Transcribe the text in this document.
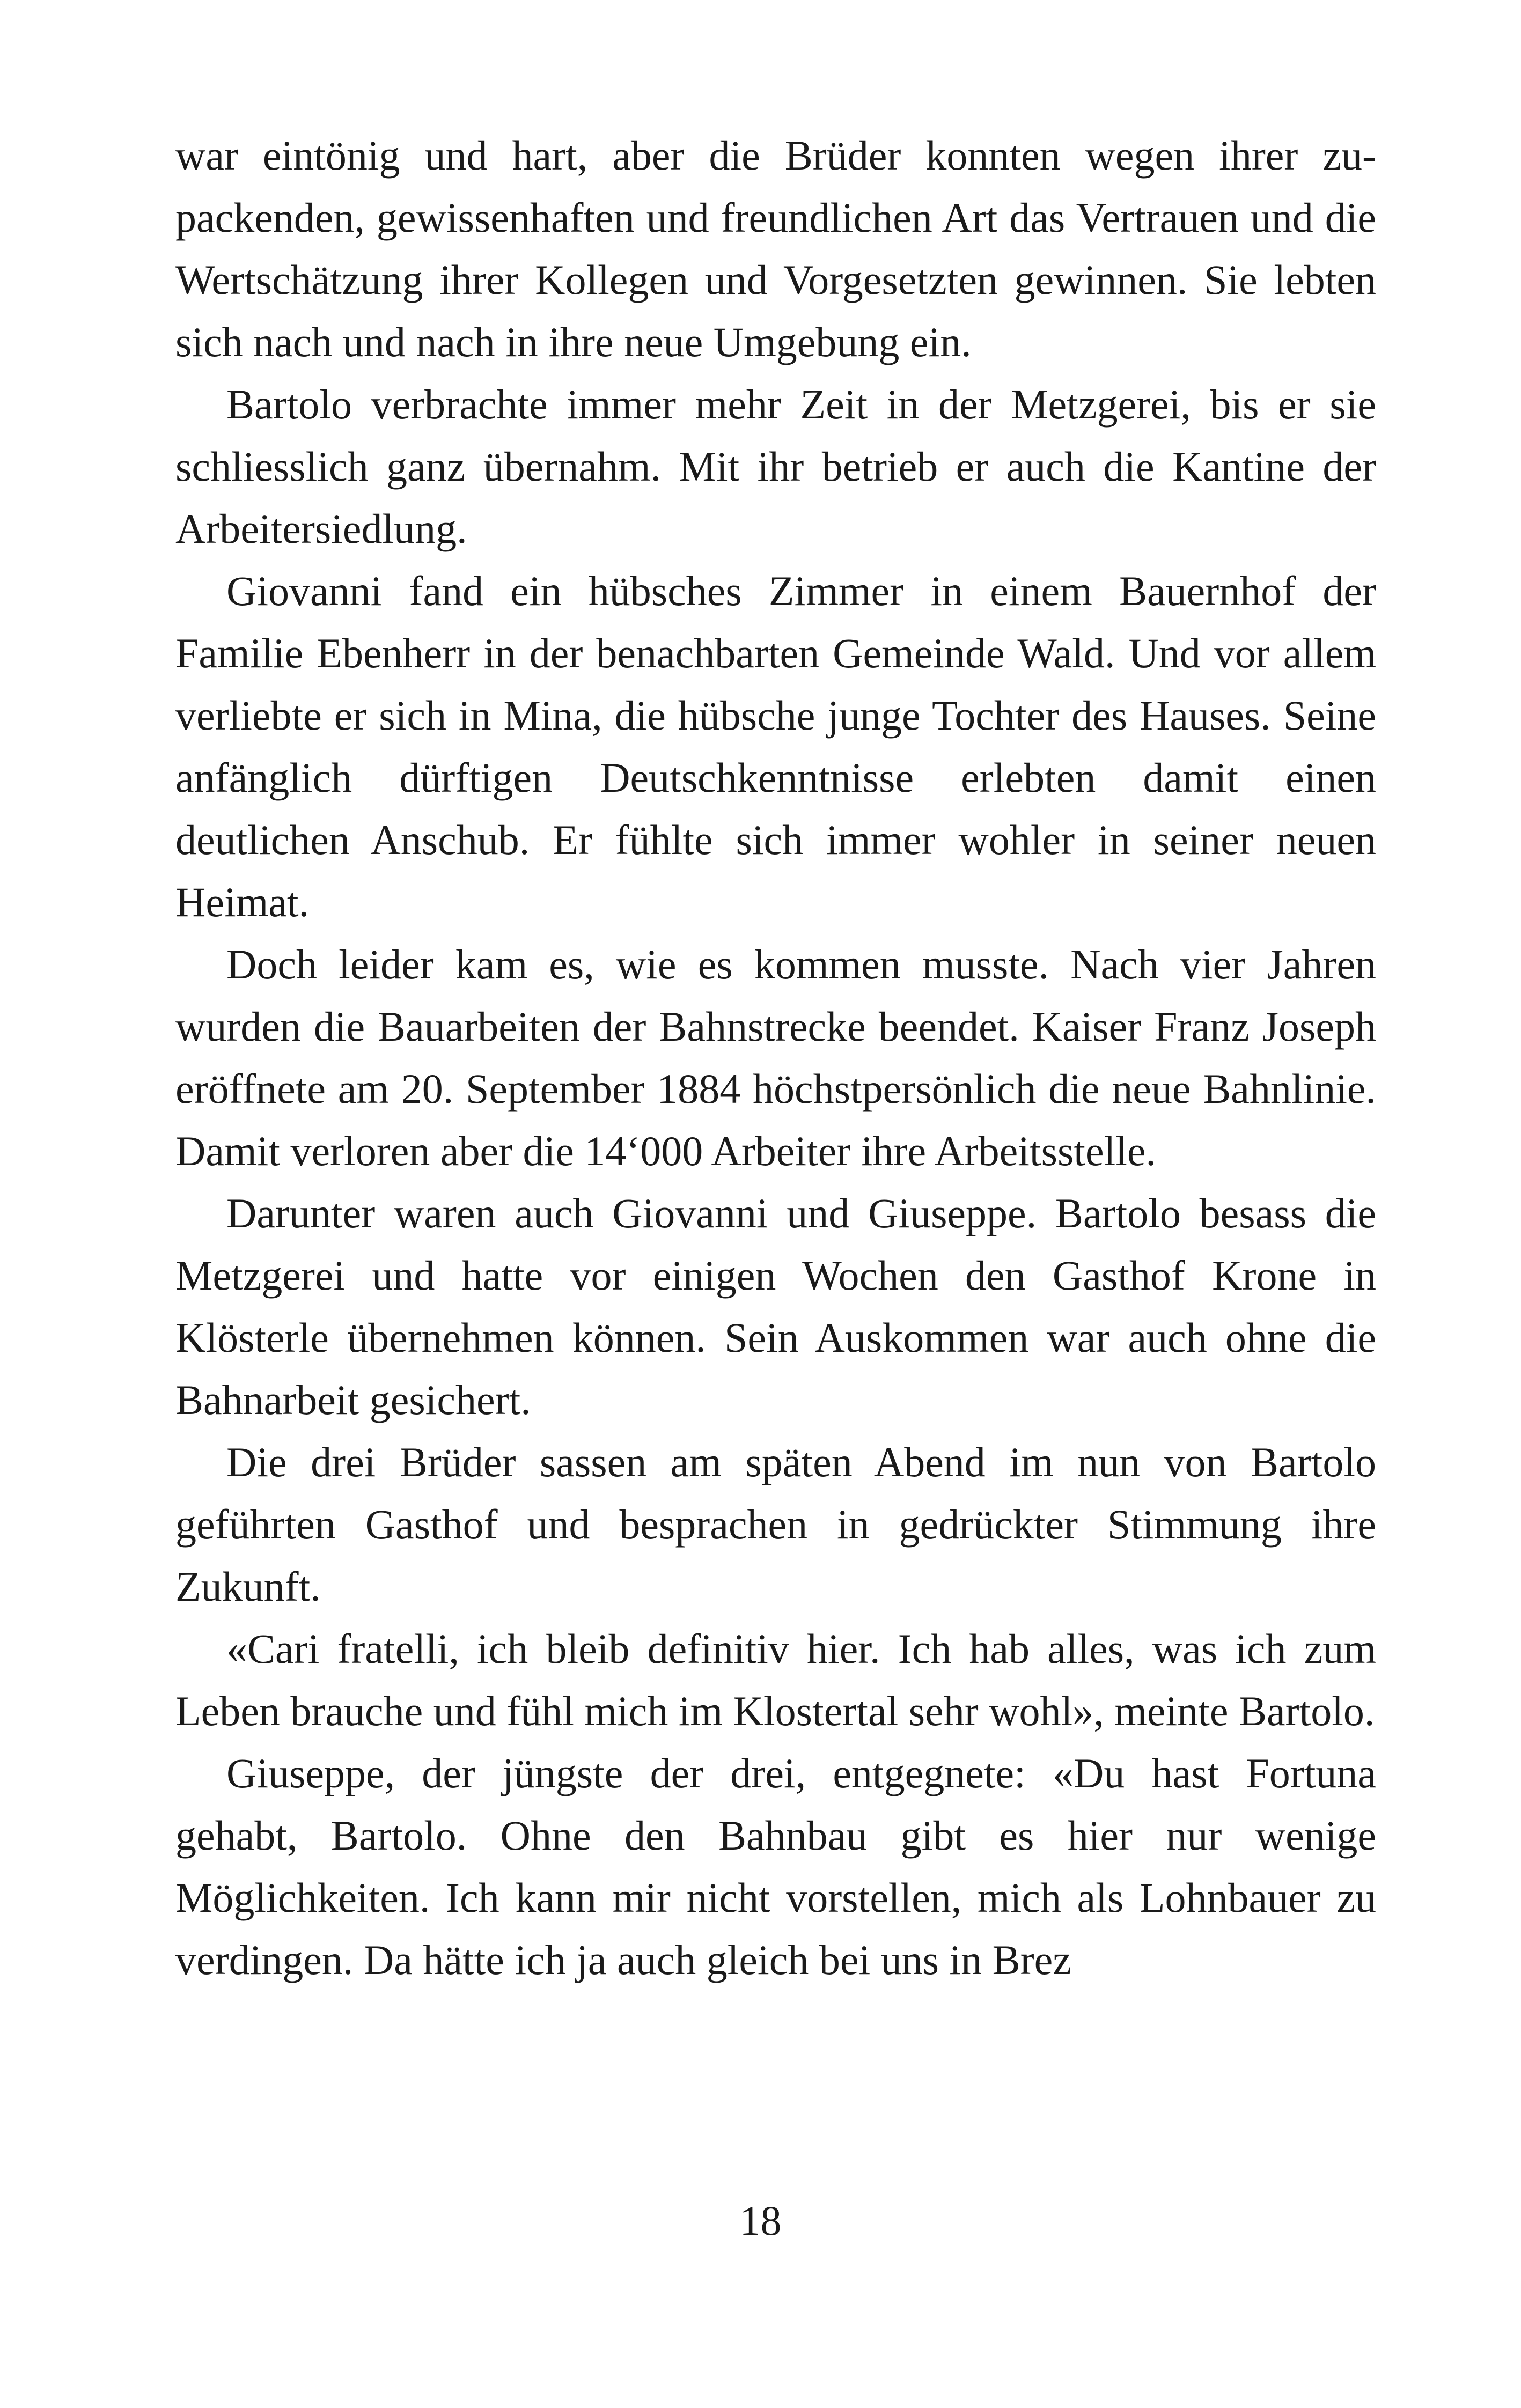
war eintönig und hart, aber die Brüder konnten wegen ihrer zupackenden, gewissenhaften und freundlichen Art das Vertrauen und die Wertschätzung ihrer Kollegen und Vorgesetzten gewinnen. Sie lebten sich nach und nach in ihre neue Umgebung ein.

Bartolo verbrachte immer mehr Zeit in der Metzgerei, bis er sie schliesslich ganz übernahm. Mit ihr betrieb er auch die Kantine der Arbeitersiedlung.

Giovanni fand ein hübsches Zimmer in einem Bauernhof der Familie Ebenherr in der benachbarten Gemeinde Wald. Und vor allem verliebte er sich in Mina, die hübsche junge Tochter des Hauses. Seine anfänglich dürftigen Deutschkenntnisse erlebten damit einen deutlichen Anschub. Er fühlte sich immer wohler in seiner neuen Heimat.

Doch leider kam es, wie es kommen musste. Nach vier Jahren wurden die Bauarbeiten der Bahnstrecke beendet. Kaiser Franz Joseph eröffnete am 20. September 1884 höchstpersönlich die neue Bahnlinie. Damit verloren aber die 14‘000 Arbeiter ihre Arbeitsstelle.

Darunter waren auch Giovanni und Giuseppe. Bartolo besass die Metzgerei und hatte vor einigen Wochen den Gasthof Krone in Klösterle übernehmen können. Sein Auskommen war auch ohne die Bahnarbeit gesichert.

Die drei Brüder sassen am späten Abend im nun von Bartolo geführten Gasthof und besprachen in gedrückter Stimmung ihre Zukunft.

«Cari fratelli, ich bleib definitiv hier. Ich hab alles, was ich zum Leben brauche und fühl mich im Klostertal sehr wohl», meinte Bartolo.

Giuseppe, der jüngste der drei, entgegnete: «Du hast Fortuna gehabt, Bartolo. Ohne den Bahnbau gibt es hier nur wenige Möglichkeiten. Ich kann mir nicht vorstellen, mich als Lohnbauer zu verdingen. Da hätte ich ja auch gleich bei uns in Brez

18
